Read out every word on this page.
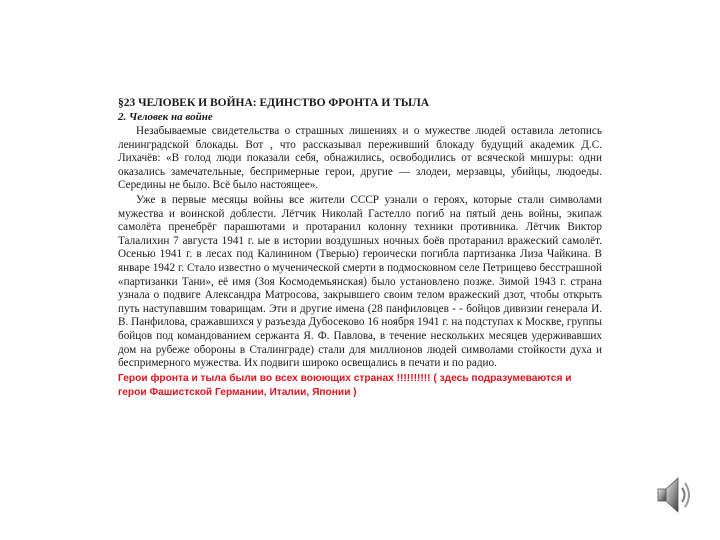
§23 ЧЕЛОВЕК И ВОЙНА: ЕДИНСТВО ФРОНТА И ТЫЛА

2. Человек на войне

Незабываемые свидетельства о страшных лишениях и о мужестве людей оставила летопись ленинградской блокады. Вот , что рассказывал переживший блокаду будущий академик Д.С. Лихачёв: «В голод люди показали себя, обнажились, освободились от всяческой мишуры: одни оказались замечательные, беспримерные герои, другие — злодеи, мерзавцы, убийцы, людоеды. Середины не было. Всё было настоящее».

Уже в первые месяцы войны все жители СССР узнали о героях, которые стали символами мужества и воинской доблести. Лётчик Николай Гастелло погиб на пятый день войны, экипаж самолёта пренебрёг парашютами и протаранил колонну техники противника. Лётчик Виктор Талалихин 7 августа 1941 г. ые в истории воздушных ночных боёв протаранил вражеский самолёт. Осенью 1941 г. в лесах под Калинином (Тверью) героически погибла партизанка Лиза Чайкина. В январе 1942 г. Стало известно о мученической смерти в подмосковном селе Петрищево бесстрашной «партизанки Тани», её имя (Зоя Космодемьянская) было установлено позже. Зимой 1943 г. страна узнала о подвиге Александра Матросова, закрывшего своим телом вражеский дзот, чтобы открыть путь наступавшим товарищам. Эти и другие имена (28 панфиловцев - - бойцов дивизии генерала И. В. Панфилова, сражавшихся у разъезда Дубосеково 16 ноября 1941 г. на подступах к Москве, группы бойцов под командованием сержанта Я. Ф. Павлова, в течение нескольких месяцев удерживавших дом на рубеже обороны в Сталинграде) стали для миллионов людей символами стойкости духа и беспримерного мужества. Их подвиги широко освещались в печати и по радио.

Герои фронта и тыла были во всех воюющих странах !!!!!!!!!! ( здесь подразумеваются и герои Фашистской Германии, Италии, Японии )
